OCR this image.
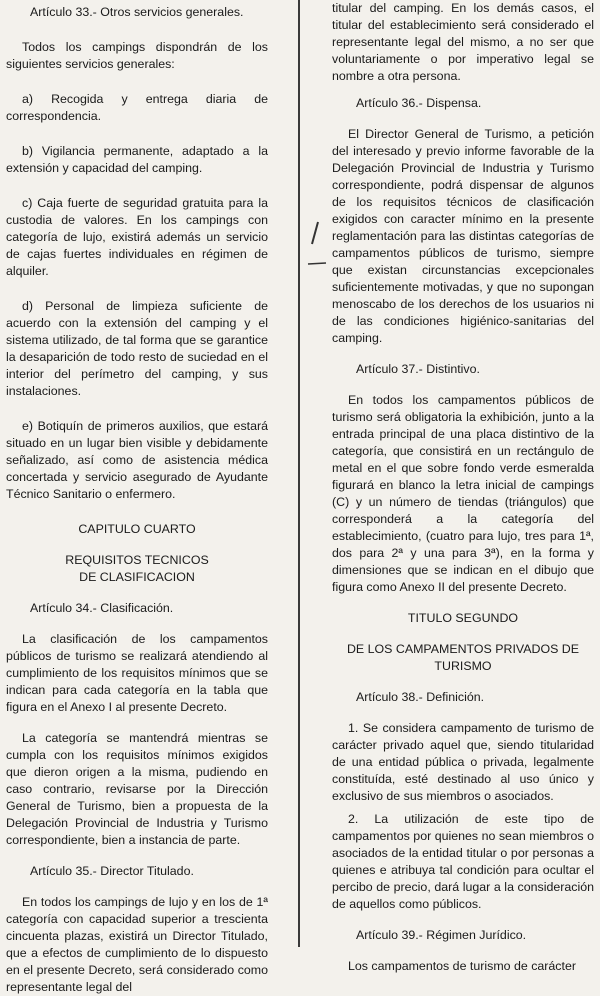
Artículo 33.- Otros servicios generales.

Todos los campings dispondrán de los siguientes servicios generales:

a) Recogida y entrega diaria de correspondencia.

b) Vigilancia permanente, adaptado a la extensión y capacidad del camping.

c) Caja fuerte de seguridad gratuita para la custodia de valores. En los campings con categoría de lujo, existirá además un servicio de cajas fuertes individuales en régimen de alquiler.

d) Personal de limpieza suficiente de acuerdo con la extensión del camping y el sistema utilizado, de tal forma que se garantice la desaparición de todo resto de suciedad en el interior del perímetro del camping, y sus instalaciones.

e) Botiquín de primeros auxilios, que estará situado en un lugar bien visible y debidamente señalizado, así como de asistencia médica concertada y servicio asegurado de Ayudante Técnico Sanitario o enfermero.

CAPITULO CUARTO

REQUISITOS TECNICOS

DE CLASIFICACION

Artículo 34.- Clasificación.

La clasificación de los campamentos públicos de turismo se realizará atendiendo al cumplimiento de los requisitos mínimos que se indican para cada categoría en la tabla que figura en el Anexo I al presente Decreto.

La categoría se mantendrá mientras se cumpla con los requisitos mínimos exigidos que dieron origen a la misma, pudiendo en caso contrario, revisarse por la Dirección General de Turismo, bien a propuesta de la Delegación Provincial de Industria y Turismo correspondiente, bien a instancia de parte.

Artículo 35.- Director Titulado.

En todos los campings de lujo y en los de 1ª categoría con capacidad superior a trescienta cincuenta plazas, existirá un Director Titulado, que a efectos de cumplimiento de lo dispuesto en el presente Decreto, será considerado como representante legal del

titular del camping. En los demás casos, el titular del establecimiento será considerado el representante legal del mismo, a no ser que voluntariamente o por imperativo legal se nombre a otra persona.

Artículo 36.- Dispensa.

El Director General de Turismo, a petición del interesado y previo informe favorable de la Delegación Provincial de Industria y Turismo correspondiente, podrá dispensar de algunos de los requisitos técnicos de clasificación exigidos con caracter mínimo en la presente reglamentación para las distintas categorías de campamentos públicos de turismo, siempre que existan circunstancias excepcionales suficientemente motivadas, y que no supongan menoscabo de los derechos de los usuarios ni de las condiciones higiénico-sanitarias del camping.

Artículo 37.- Distintivo.

En todos los campamentos públicos de turismo será obligatoria la exhibición, junto a la entrada principal de una placa distintivo de la categoría, que consistirá en un rectángulo de metal en el que sobre fondo verde esmeralda figurará en blanco la letra inicial de campings (C) y un número de tiendas (triángulos) que corresponderá a la categoría del establecimiento, (cuatro para lujo, tres para 1ª, dos para 2ª y una para 3ª), en la forma y dimensiones que se indican en el dibujo que figura como Anexo II del presente Decreto.

TITULO SEGUNDO

DE LOS CAMPAMENTOS PRIVADOS DE TURISMO

Artículo 38.- Definición.

1. Se considera campamento de turismo de carácter privado aquel que, siendo titularidad de una entidad pública o privada, legalmente constituída, esté destinado al uso único y exclusivo de sus miembros o asociados.

2. La utilización de este tipo de campamentos por quienes no sean miembros o asociados de la entidad titular o por personas a quienes e atribuya tal condición para ocultar el percibo de precio, dará lugar a la consideración de aquellos como públicos.

Artículo 39.- Régimen Jurídico.

Los campamentos de turismo de carácter
